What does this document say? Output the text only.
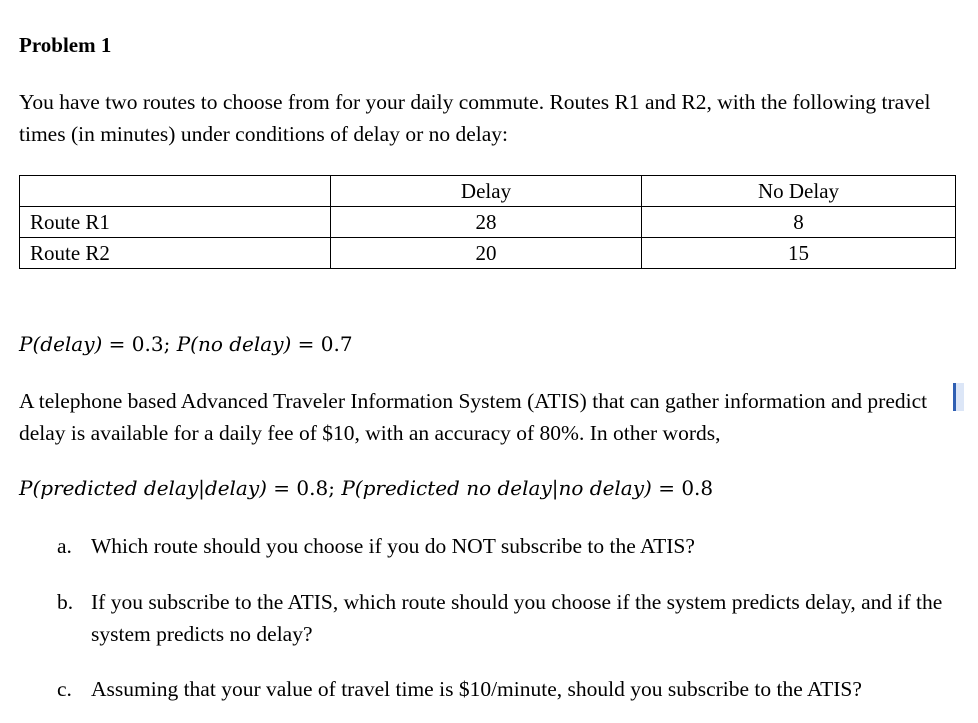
Problem 1

You have two routes to choose from for your daily commute. Routes R1 and R2, with the following travel times (in minutes) under conditions of delay or no delay:

	Delay	No Delay
Route R1	28	8
Route R2	20	15
P(delay) = 0.3; P(no delay) = 0.7

A telephone based Advanced Traveler Information System (ATIS) that can gather information and predict delay is available for a daily fee of $10, with an accuracy of 80%. In other words,

P(predicted delay|delay) = 0.8; P(predicted no delay|no delay) = 0.8
a. Which route should you choose if you do NOT subscribe to the ATIS?
b. If you subscribe to the ATIS, which route should you choose if the system predicts delay, and if the system predicts no delay?
c. Assuming that your value of travel time is $10/minute, should you subscribe to the ATIS?
